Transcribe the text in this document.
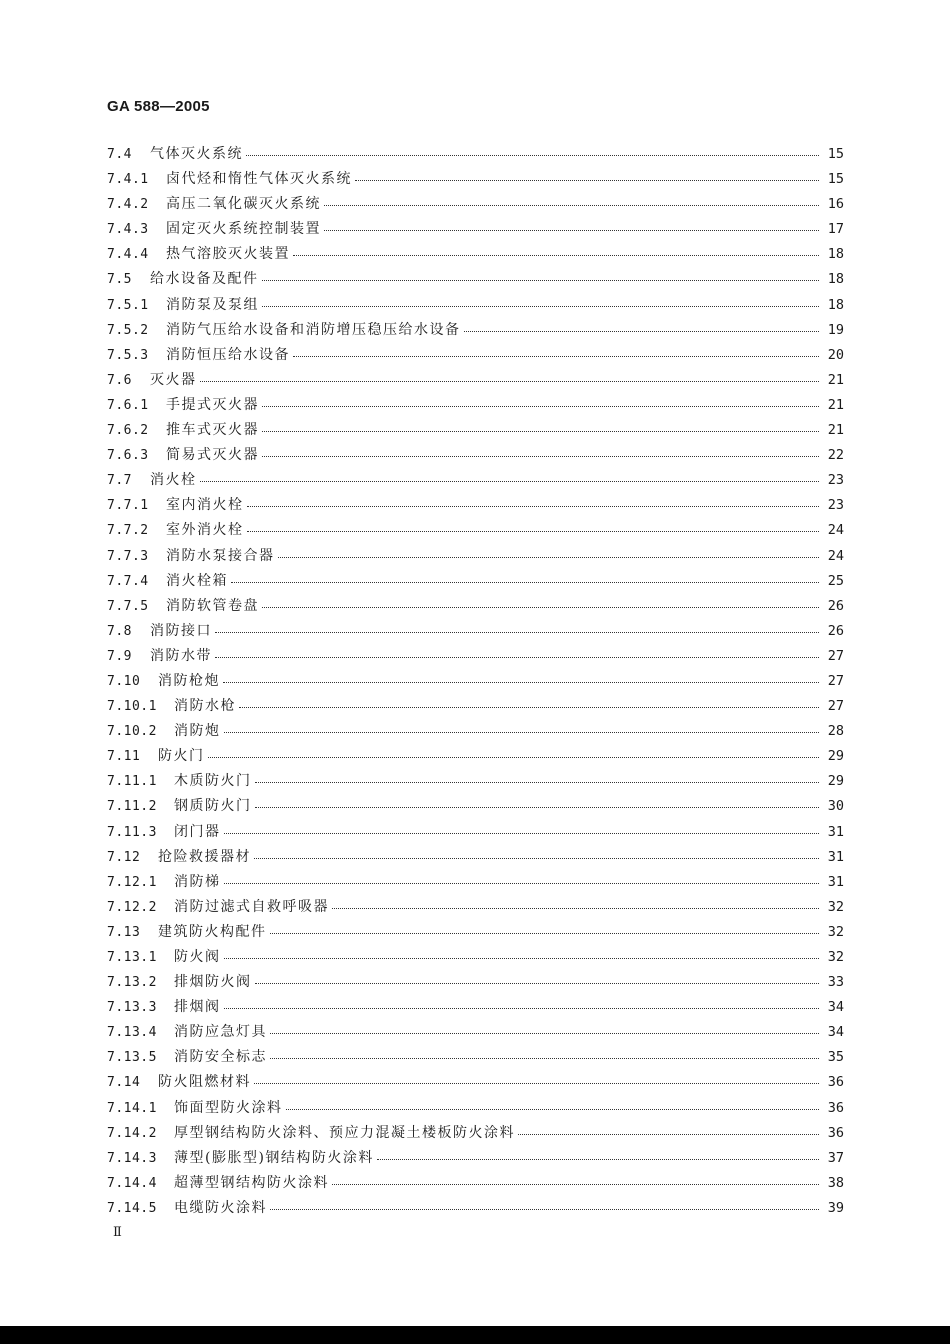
GA 588—2005
7.4	气体灭火系统	15
7.4.1	卤代烃和惰性气体灭火系统	15
7.4.2	高压二氧化碳灭火系统	16
7.4.3	固定灭火系统控制装置	17
7.4.4	热气溶胶灭火装置	18
7.5	给水设备及配件	18
7.5.1	消防泵及泵组	18
7.5.2	消防气压给水设备和消防增压稳压给水设备	19
7.5.3	消防恒压给水设备	20
7.6	灭火器	21
7.6.1	手提式灭火器	21
7.6.2	推车式灭火器	21
7.6.3	简易式灭火器	22
7.7	消火栓	23
7.7.1	室内消火栓	23
7.7.2	室外消火栓	24
7.7.3	消防水泵接合器	24
7.7.4	消火栓箱	25
7.7.5	消防软管卷盘	26
7.8	消防接口	26
7.9	消防水带	27
7.10	消防枪炮	27
7.10.1	消防水枪	27
7.10.2	消防炮	28
7.11	防火门	29
7.11.1	木质防火门	29
7.11.2	钢质防火门	30
7.11.3	闭门器	31
7.12	抢险救援器材	31
7.12.1	消防梯	31
7.12.2	消防过滤式自救呼吸器	32
7.13	建筑防火构配件	32
7.13.1	防火阀	32
7.13.2	排烟防火阀	33
7.13.3	排烟阀	34
7.13.4	消防应急灯具	34
7.13.5	消防安全标志	35
7.14	防火阻燃材料	36
7.14.1	饰面型防火涂料	36
7.14.2	厚型钢结构防火涂料、预应力混凝土楼板防火涂料	36
7.14.3	薄型(膨胀型)钢结构防火涂料	37
7.14.4	超薄型钢结构防火涂料	38
7.14.5	电缆防火涂料	39
Ⅱ
